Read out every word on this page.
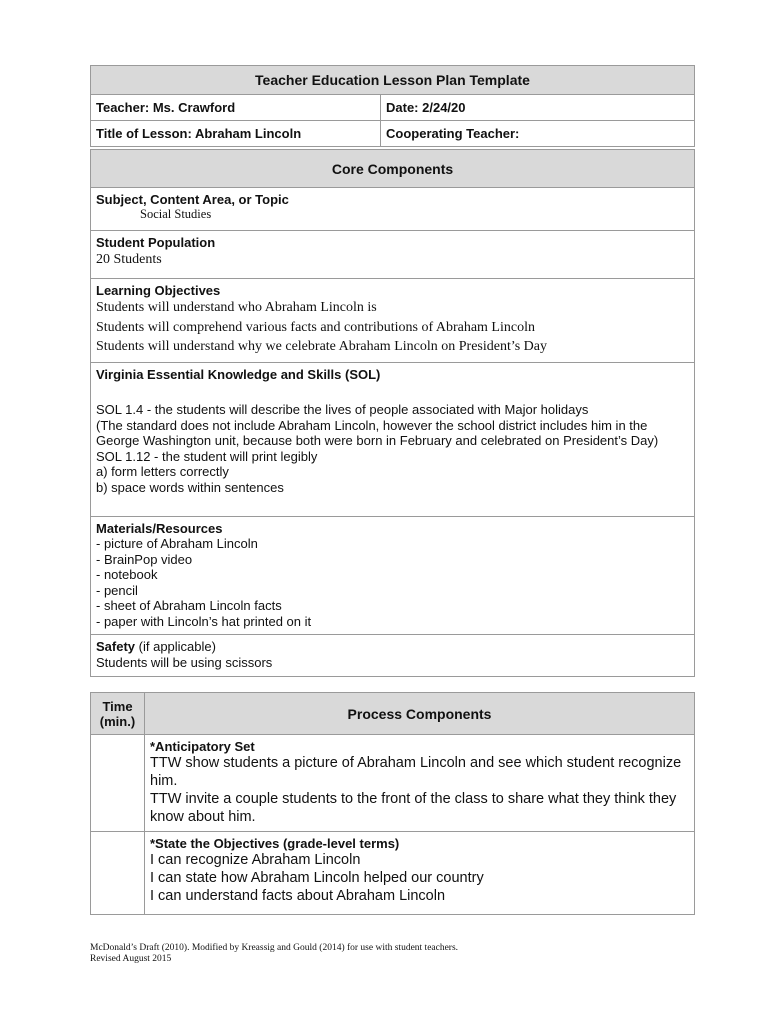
Teacher Education Lesson Plan Template	
Teacher: Ms. Crawford	Date: 2/24/20
Title of Lesson: Abraham Lincoln	Cooperating Teacher:
Core Components

Subject, Content Area, or Topic
Social Studies

Student Population
20 Students

Learning Objectives
Students will understand who Abraham Lincoln is
Students will comprehend various facts and contributions of Abraham Lincoln
Students will understand why we celebrate Abraham Lincoln on President’s Day

Virginia Essential Knowledge and Skills (SOL)
SOL 1.4 - the students will describe the lives of people associated with Major holidays
(The standard does not include Abraham Lincoln, however the school district includes him in the George Washington unit, because both were born in February and celebrated on President’s Day)
SOL 1.12 - the student will print legibly
a) form letters correctly
b) space words within sentences

Materials/Resources
- picture of Abraham Lincoln
- BrainPop video
- notebook
- pencil
- sheet of Abraham Lincoln facts
- paper with Lincoln’s hat printed on it

Safety (if applicable)
Students will be using scissors
Time (min.)	Process Components

	*Anticipatory Set
TTW show students a picture of Abraham Lincoln and see which student recognize him.
TTW invite a couple students to the front of the class to share what they think they know about him.

	*State the Objectives (grade-level terms)
I can recognize Abraham Lincoln
I can state how Abraham Lincoln helped our country
I can understand facts about Abraham Lincoln
McDonald’s Draft (2010). Modified by Kreassig and Gould (2014) for use with student teachers.
Revised August 2015
